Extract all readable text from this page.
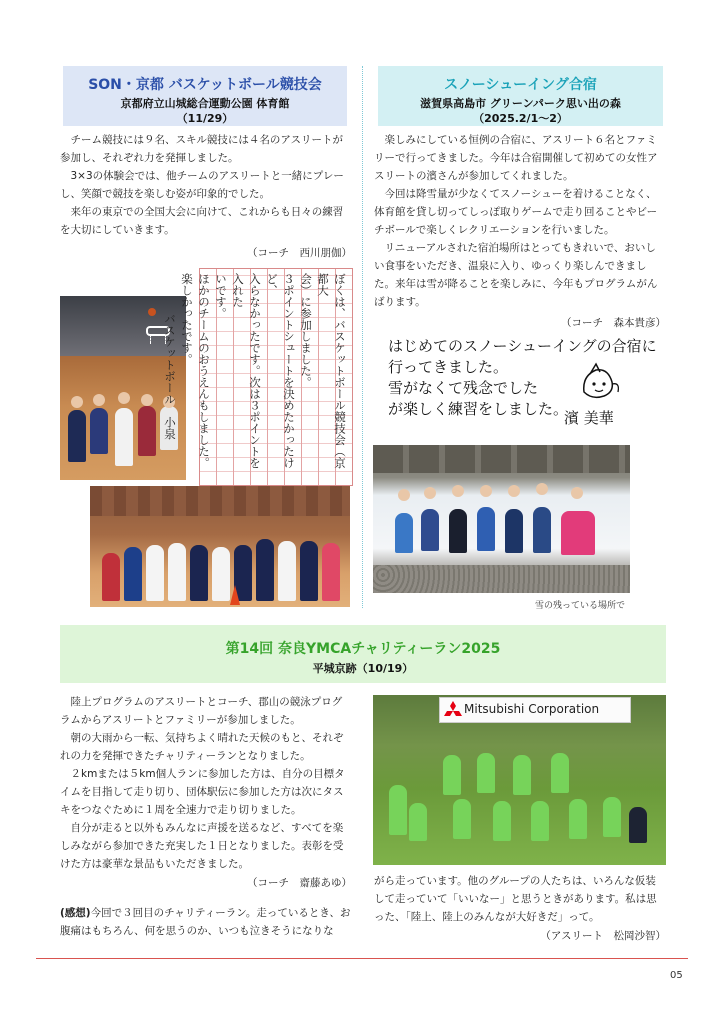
SON・京都 バスケットボール競技会
京都府立山城総合運動公園 体育館
（11/29）

チーム競技には９名、スキル競技には４名のアスリートが参加し、それぞれ力を発揮しました。

3×3の体験会では、他チームのアスリートと一緒にプレーし、笑顔で競技を楽しむ姿が印象的でした。

来年の東京での全国大会に向けて、これからも日々の練習を大切にしていきます。

（コーチ　西川朋伽）
ぼくは、バスケットボール競技会（京都大
会）に参加しました。
３ポイントシュートを決めたかったけど、
入らなかったです。次は３ポイントを入れた
いです。
ほかのチームのおうえんもしました。
楽しかったです。
バスケットボール　小泉
スノーシューイング合宿
滋賀県高島市 グリーンパーク思い出の森
（2025.2/1～2）

楽しみにしている恒例の合宿に、アスリート６名とファミリーで行ってきました。今年は合宿開催して初めての女性アスリートの濱さんが参加してくれました。

今回は降雪量が少なくてスノーシューを着けることなく、体育館を貸し切ってしっぽ取りゲームで走り回ることやビーチボールで楽しくレクリエーションを行いました。

リニューアルされた宿泊場所はとってもきれいで、おいしい食事をいただき、温泉に入り、ゆっくり楽しんできました。来年は雪が降ることを楽しみに、今年もプログラムがんばります。

（コーチ　森本貴彦）
はじめてのスノーシューイングの合宿に
行ってきました。
雪がなくて残念でした
が楽しく練習をしました。
濱 美華
雪の残っている場所で
第14回 奈良YMCAチャリティーラン2025
平城京跡（10/19）

陸上プログラムのアスリートとコーチ、郡山の競泳プログラムからアスリートとファミリーが参加しました。

朝の大雨から一転、気持ちよく晴れた天候のもと、それぞれの力を発揮できたチャリティーランとなりました。

２kmまたは５km個人ランに参加した方は、自分の目標タイムを目指して走り切り、団体駅伝に参加した方は次にタスキをつなぐために１周を全速力で走り切りました。

自分が走ると以外もみんなに声援を送るなど、すべてを楽しみながら参加できた充実した１日となりました。表彰を受けた方は豪華な景品もいただきました。

（コーチ　齋藤あゆ）

(感想)今回で３回目のチャリティーラン。走っているとき、お腹痛はもちろん、何を思うのか、いつも泣きそうになりな

Mitsubishi Corporation

がら走っています。他のグループの人たちは、いろんな仮装して走っていて「いいなー」と思うときがあります。私は思った、「陸上、陸上のみんなが大好きだ」って。

（アスリート　松岡沙智）
05
